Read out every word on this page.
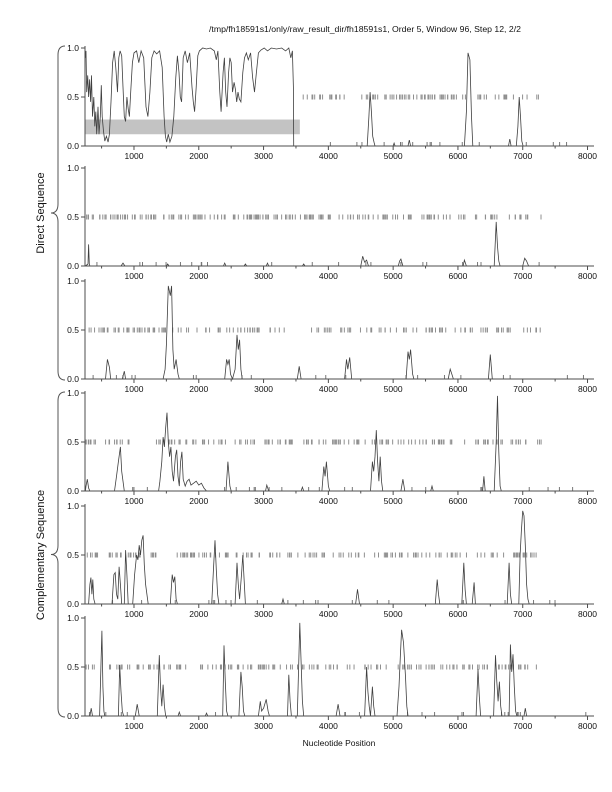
/tmp/fh18591s1/only/raw_result_dir/fh18591s1, Order 5, Window 96, Step 12, 2/2
Direct Sequence
Complementary Sequence
Nucleotide Position
0.0
0.5
1.0
1000	2000	3000	4000	5000	6000	7000	8000
0.0
0.5
1.0
1000	2000	3000	4000	5000	6000	7000	8000
0.0
0.5
1.0
1000	2000	3000	4000	5000	6000	7000	8000
0.0
0.5
1.0
1000	2000	3000	4000	5000	6000	7000	8000
0.0
0.5
1.0
1000	2000	3000	4000	5000	6000	7000	8000
0.0
0.5
1.0
1000	2000	3000	4000	5000	6000	7000	8000
